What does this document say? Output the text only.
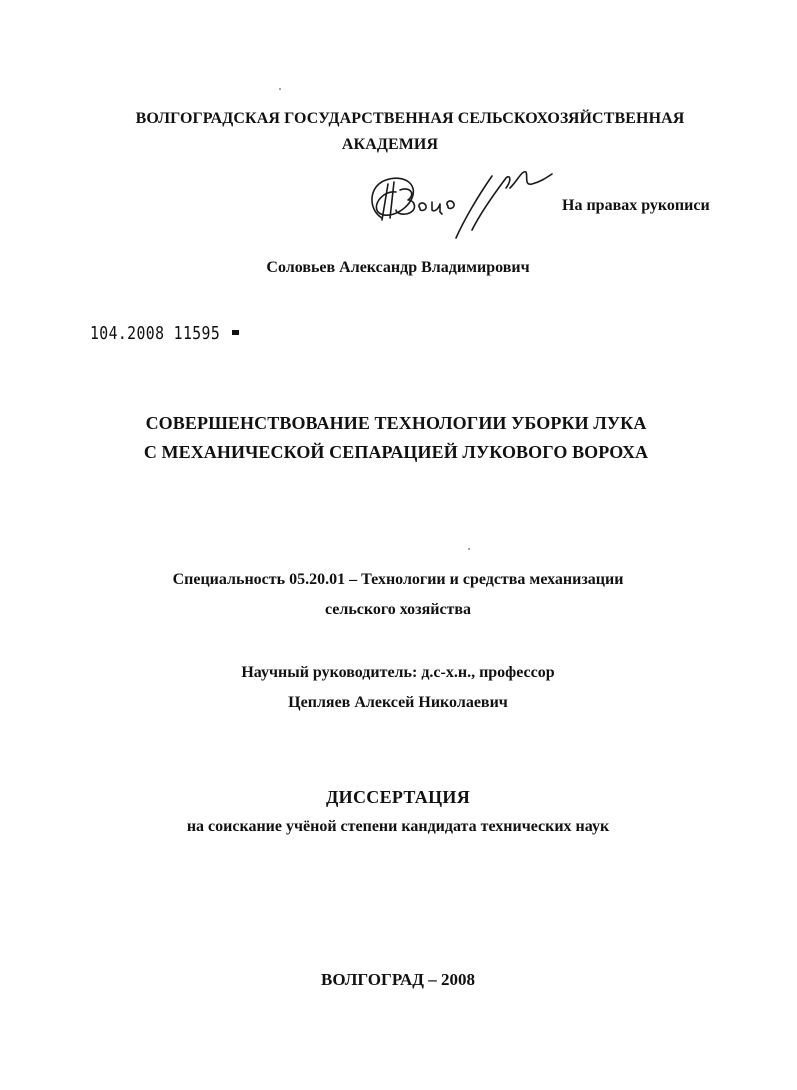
ВОЛГОГРАДСКАЯ ГОСУДАРСТВЕННАЯ СЕЛЬСКОХОЗЯЙСТВЕННАЯ

АКАДЕМИЯ

На правах рукописи

Соловьев Александр Владимирович

104.2008 11595

СОВЕРШЕНСТВОВАНИЕ ТЕХНОЛОГИИ УБОРКИ ЛУКА

С МЕХАНИЧЕСКОЙ СЕПАРАЦИЕЙ ЛУКОВОГО ВОРОХА

Специальность 05.20.01 – Технологии и средства механизации

сельского хозяйства

Научный руководитель: д.с-х.н., профессор

Цепляев Алексей Николаевич

ДИССЕРТАЦИЯ

на соискание учёной степени кандидата технических наук

ВОЛГОГРАД – 2008
